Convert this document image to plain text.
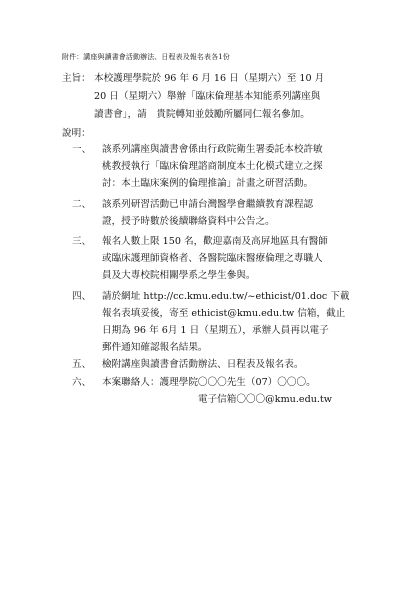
附件：講座與讀書會活動辦法、日程表及報名表各1份
主旨： 本校護理學院於 96 年 6 月 16 日（星期六）至 10 月
20 日（星期六）舉辦「臨床倫理基本知能系列講座與
讀書會」，請　貴院轉知並鼓勵所屬同仁報名參加。
說明：
一、 該系列講座與讀書會係由行政院衛生署委託本校許敏
桃教授執行「臨床倫理諮商制度本土化模式建立之探
討：本土臨床案例的倫理推論」計畫之研習活動。
二、 該系列研習活動已申請台灣醫學會繼續教育課程認
證，授予時數於後續聯絡資料中公告之。
三、 報名人數上限 150 名，歡迎嘉南及高屏地區具有醫師
或臨床護理師資格者、各醫院臨床醫療倫理之專職人
員及大專校院相關學系之學生參與。
四、 請於網址 http://cc.kmu.edu.tw/~ethicist/01.doc 下載
報名表填妥後，寄至 ethicist@kmu.edu.tw 信箱，截止
日期為 96 年 6月 1 日（星期五），承辦人員再以電子
郵件通知確認報名結果。
五、 檢附講座與讀書會活動辦法、日程表及報名表。
六、 本案聯絡人：護理學院〇〇〇先生（07）〇〇〇。
電子信箱〇〇〇@kmu.edu.tw
